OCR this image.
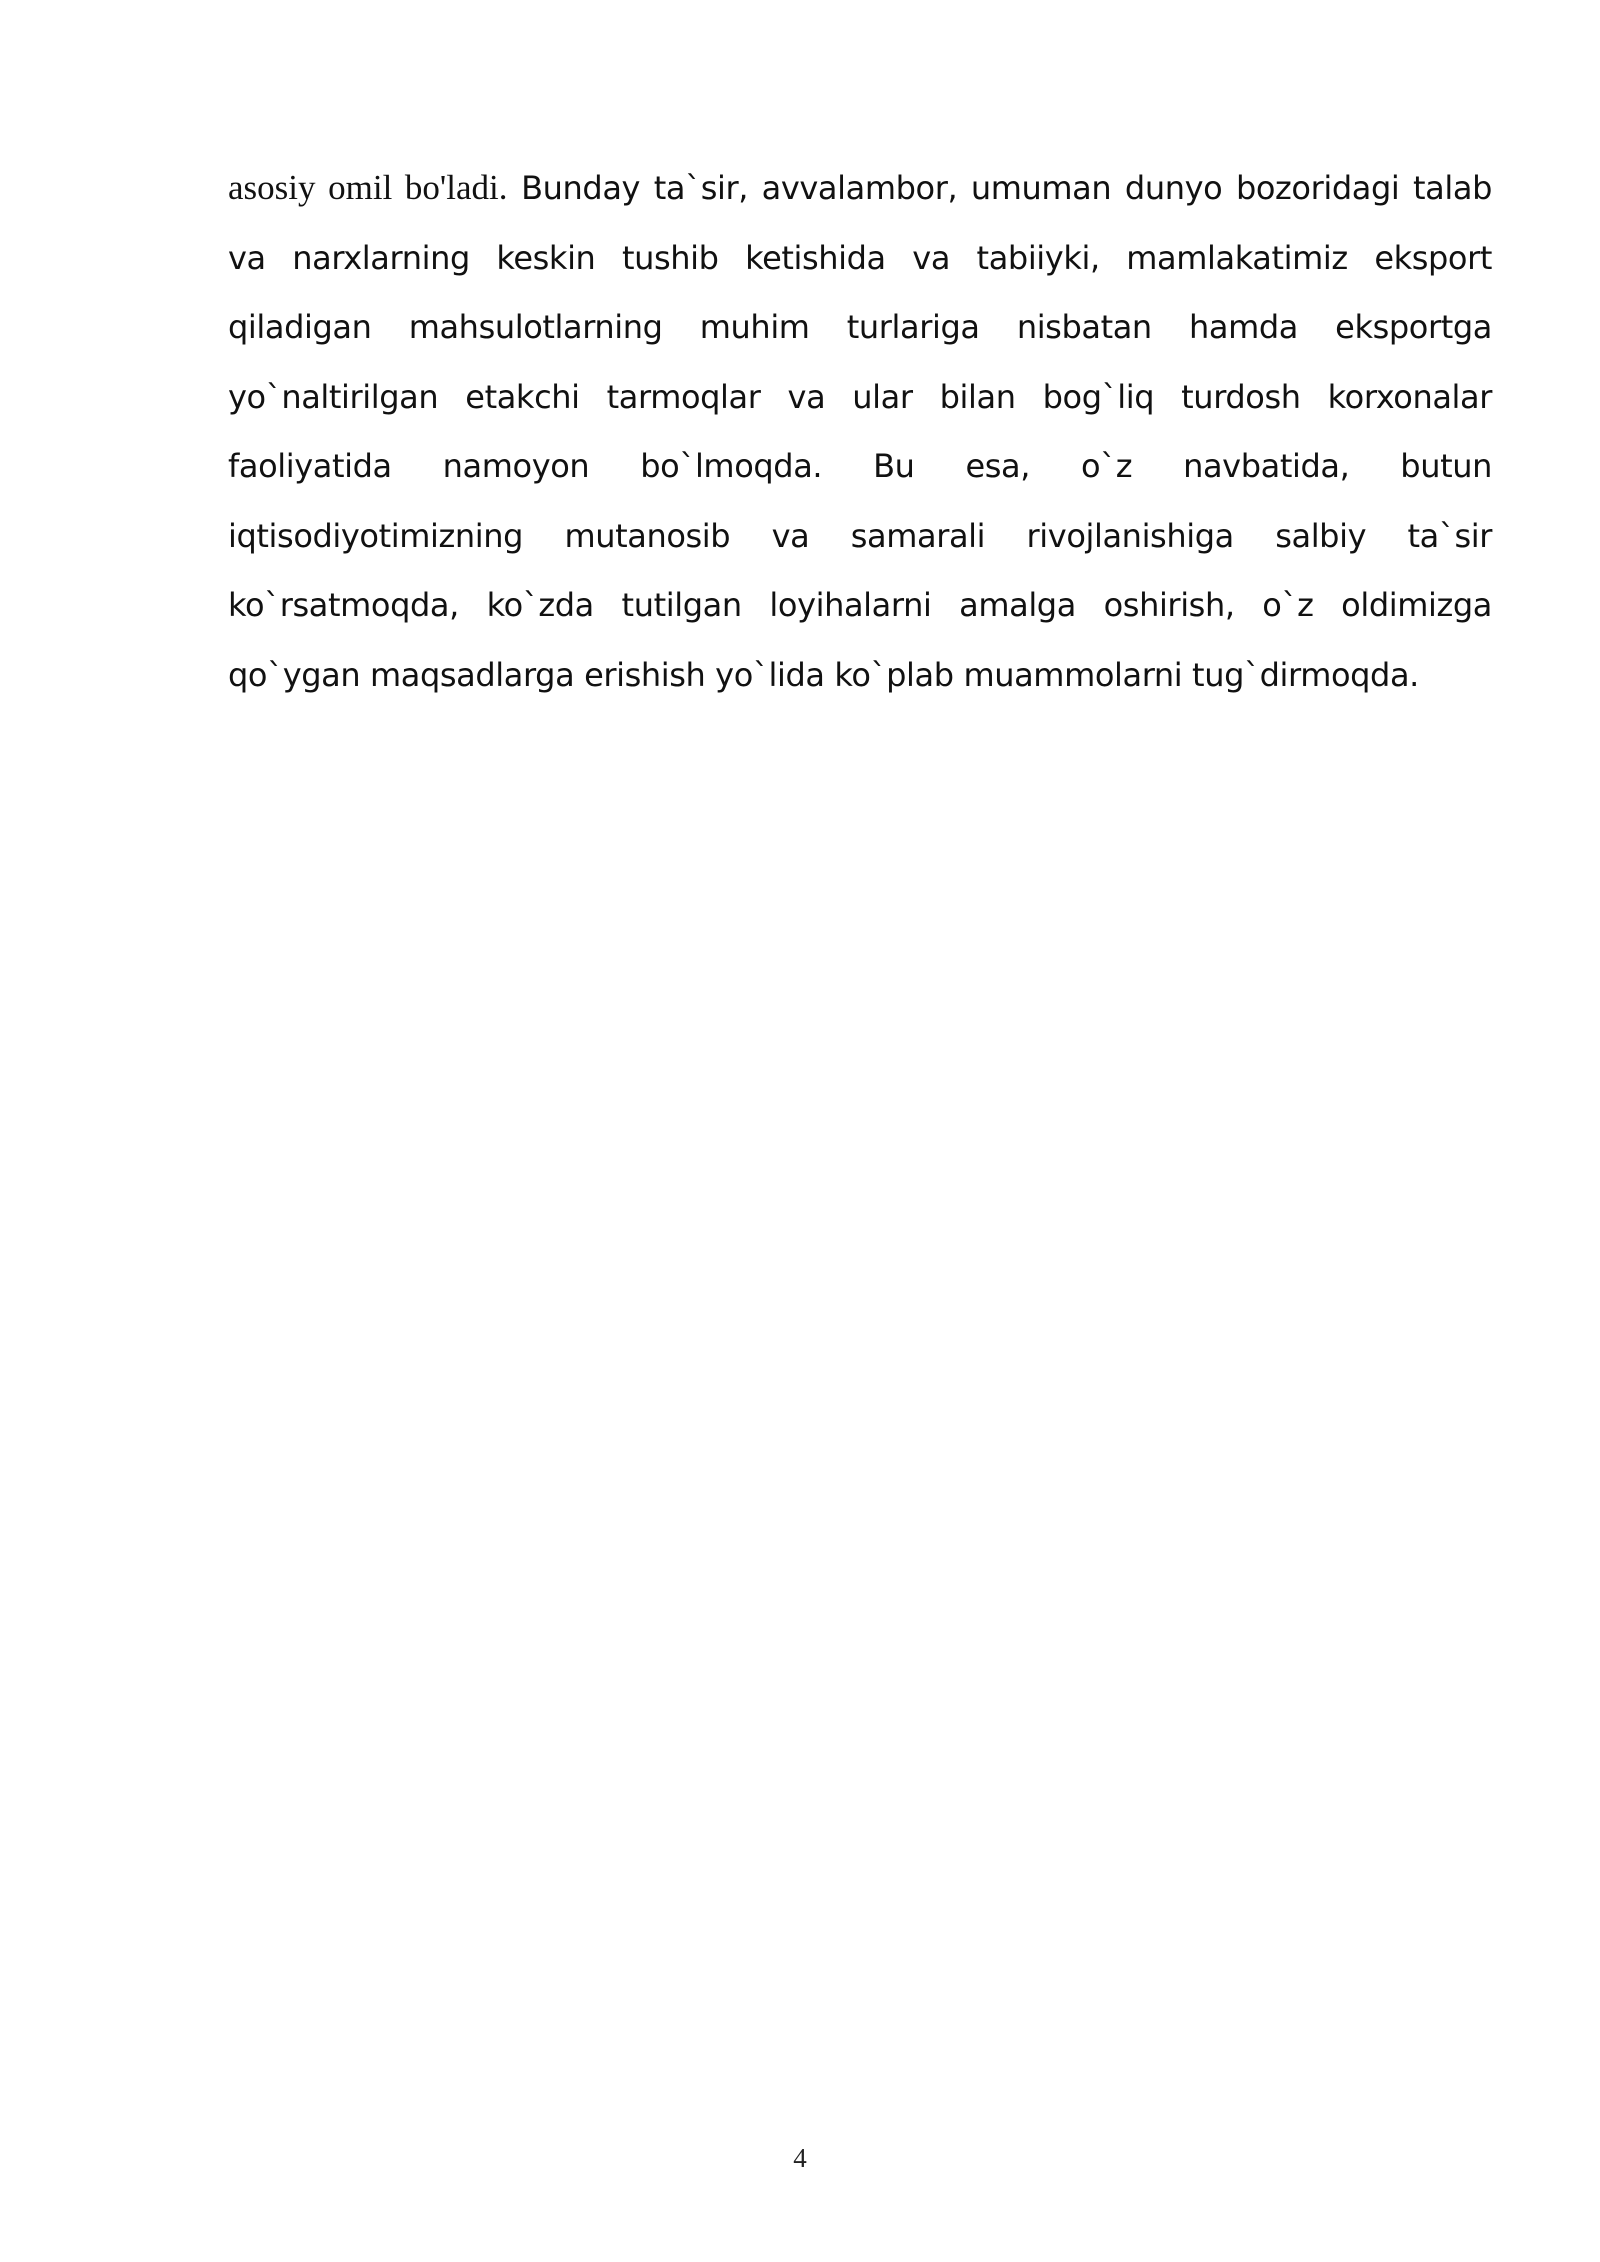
asosiy omil bo'ladi. Bunday ta`sir, avvalambor, umuman dunyo bozoridagi talab va narxlarning keskin tushib ketishida va tabiiyki, mamlakatimiz eksport qiladigan mahsulotlarning muhim turlariga nisbatan hamda eksportga yo`naltirilgan etakchi tarmoqlar va ular bilan bog`liq turdosh korxonalar faoliyatida namoyon bo`lmoqda. Bu esa, o`z navbatida, butun iqtisodiyotimizning mutanosib va samarali rivojlanishiga salbiy ta`sir ko`rsatmoqda, ko`zda tutilgan loyihalarni amalga oshirish, o`z oldimizga qo`ygan maqsadlarga erishish yo`lida ko`plab muammolarni tug`dirmoqda.

4
